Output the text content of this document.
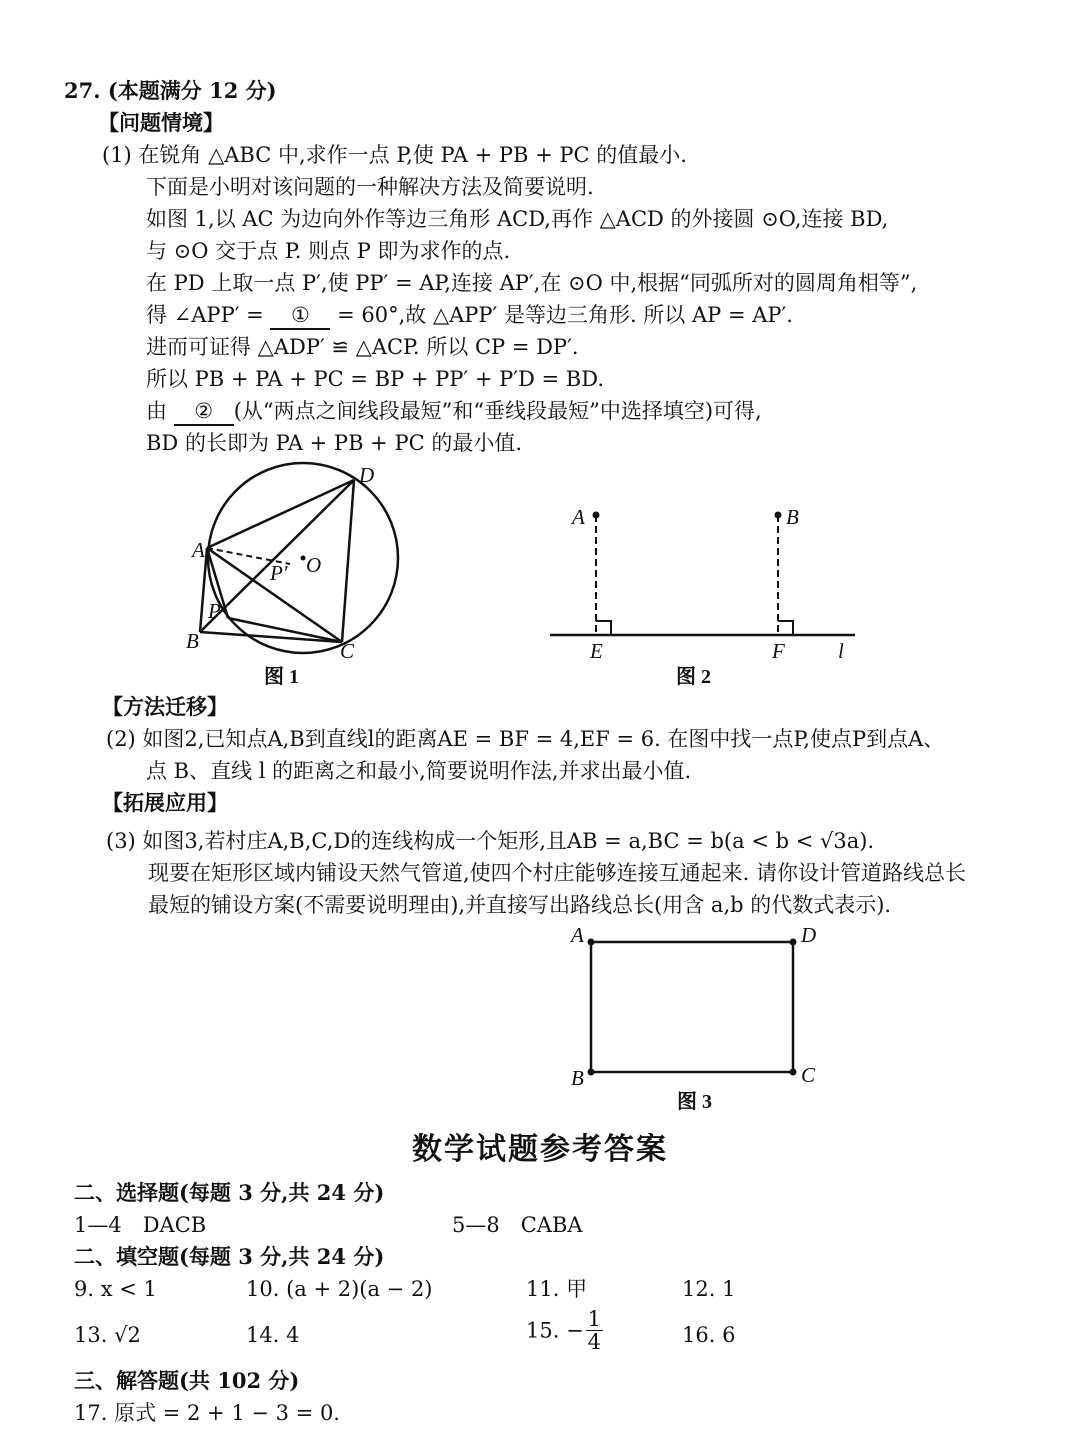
27. (本题满分 12 分)
【问题情境】
(1) 在锐角 △ABC 中,求作一点 P,使 PA + PB + PC 的值最小.
下面是小明对该问题的一种解决方法及简要说明.
如图 1,以 AC 为边向外作等边三角形 ACD,再作 △ACD 的外接圆 ⊙O,连接 BD,
与 ⊙O 交于点 P. 则点 P 即为求作的点.
在 PD 上取一点 P′,使 PP′ = AP,连接 AP′,在 ⊙O 中,根据“同弧所对的圆周角相等”,
得 ∠APP′ = ① = 60°,故 △APP′ 是等边三角形. 所以 AP = AP′.
进而可证得 △ADP′ ≌ △ACP. 所以 CP = DP′.
所以 PB + PA + PC = BP + PP′ + P′D = BD.
由 ② (从“两点之间线段最短”和“垂线段最短”中选择填空)可得,
BD 的长即为 PA + PB + PC 的最小值.
D
A
P′ O
P
B	C
图 1
A	B
E	F	l
图 2
【方法迁移】
(2) 如图2,已知点A,B到直线l的距离AE = BF = 4,EF = 6. 在图中找一点P,使点P到点A、
点 B、直线 l 的距离之和最小,简要说明作法,并求出最小值.
【拓展应用】
(3) 如图3,若村庄A,B,C,D的连线构成一个矩形,且AB = a,BC = b(a < b < √3a).
现要在矩形区域内铺设天然气管道,使四个村庄能够连接互通起来. 请你设计管道路线总长
最短的铺设方案(不需要说明理由),并直接写出路线总长(用含 a,b 的代数式表示).
A	D
B	C
图 3
数学试题参考答案
二、选择题(每题 3 分,共 24 分)
1—4　DACB	5—8　CABA
二、填空题(每题 3 分,共 24 分)
9. x < 1	10. (a + 2)(a − 2)	11. 甲	12. 1
13. √2	14. 4	15. − $\frac{1}{4}$	16. 6
三、解答题(共 102 分)
17. 原式 = 2 + 1 − 3 = 0.
